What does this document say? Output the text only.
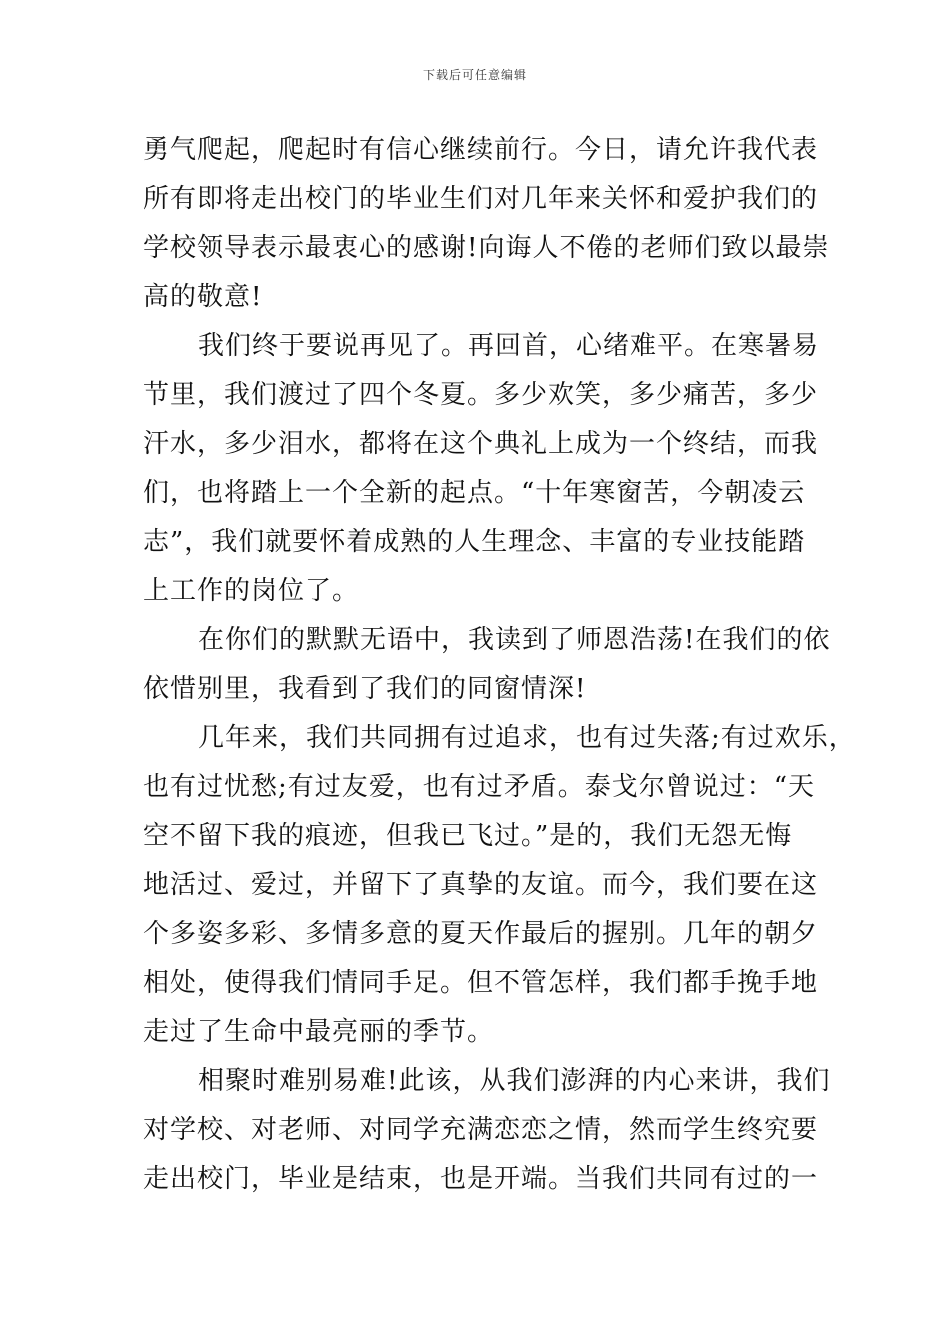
下载后可任意编辑
勇气爬起，爬起时有信心继续前行。今日，请允许我代表
所有即将走出校门的毕业生们对几年来关怀和爱护我们的
学校领导表示最衷心的感谢!向诲人不倦的老师们致以最崇
高的敬意!
我们终于要说再见了。再回首，心绪难平。在寒暑易
节里，我们渡过了四个冬夏。多少欢笑，多少痛苦，多少
汗水，多少泪水，都将在这个典礼上成为一个终结，而我
们，也将踏上一个全新的起点。“十年寒窗苦，今朝凌云
志”，我们就要怀着成熟的人生理念、丰富的专业技能踏
上工作的岗位了。
在你们的默默无语中，我读到了师恩浩荡!在我们的依
依惜别里，我看到了我们的同窗情深!
几年来，我们共同拥有过追求，也有过失落;有过欢乐，
也有过忧愁;有过友爱，也有过矛盾。泰戈尔曾说过：“天
空不留下我的痕迹，但我已飞过。”是的，我们无怨无悔
地活过、爱过，并留下了真挚的友谊。而今，我们要在这
个多姿多彩、多情多意的夏天作最后的握别。几年的朝夕
相处，使得我们情同手足。但不管怎样，我们都手挽手地
走过了生命中最亮丽的季节。
相聚时难别易难!此该，从我们澎湃的内心来讲，我们
对学校、对老师、对同学充满恋恋之情，然而学生终究要
走出校门，毕业是结束，也是开端。当我们共同有过的一
